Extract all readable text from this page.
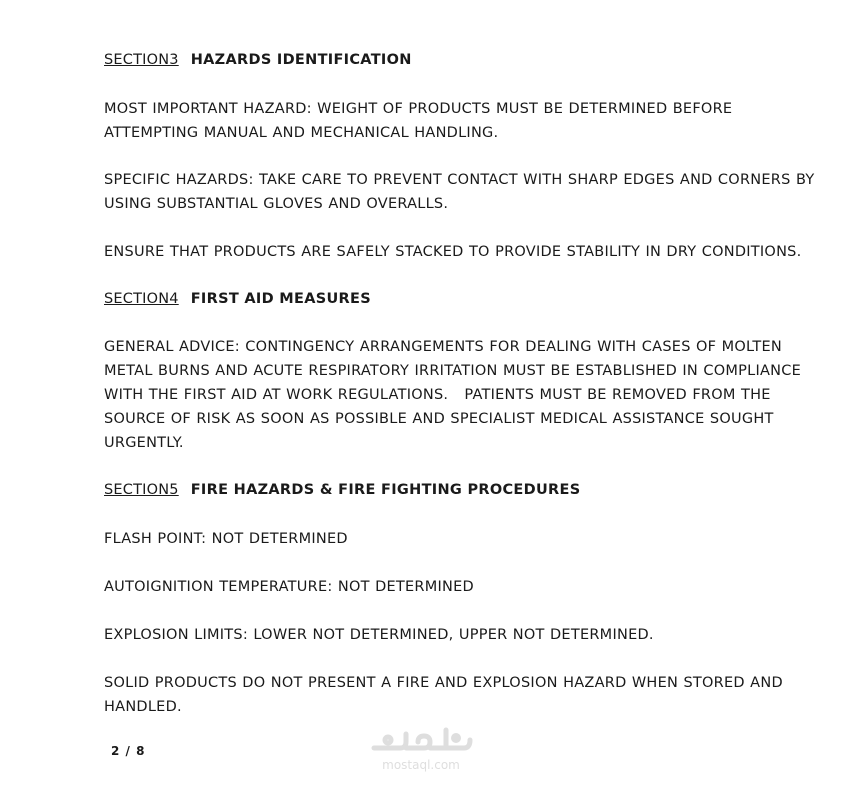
SECTION3 HAZARDS IDENTIFICATION

MOST IMPORTANT HAZARD: WEIGHT OF PRODUCTS MUST BE DETERMINED BEFORE ATTEMPTING MANUAL AND MECHANICAL HANDLING.

SPECIFIC HAZARDS: TAKE CARE TO PREVENT CONTACT WITH SHARP EDGES AND CORNERS BY USING SUBSTANTIAL GLOVES AND OVERALLS.

ENSURE THAT PRODUCTS ARE SAFELY STACKED TO PROVIDE STABILITY IN DRY CONDITIONS.

SECTION4 FIRST AID MEASURES

GENERAL ADVICE: CONTINGENCY ARRANGEMENTS FOR DEALING WITH CASES OF MOLTEN METAL BURNS AND ACUTE RESPIRATORY IRRITATION MUST BE ESTABLISHED IN COMPLIANCE WITH THE FIRST AID AT WORK REGULATIONS.   PATIENTS MUST BE REMOVED FROM THE SOURCE OF RISK AS SOON AS POSSIBLE AND SPECIALIST MEDICAL ASSISTANCE SOUGHT URGENTLY.

SECTION5 FIRE HAZARDS & FIRE FIGHTING PROCEDURES

FLASH POINT: NOT DETERMINED

AUTOIGNITION TEMPERATURE: NOT DETERMINED

EXPLOSION LIMITS: LOWER NOT DETERMINED, UPPER NOT DETERMINED.

SOLID PRODUCTS DO NOT PRESENT A FIRE AND EXPLOSION HAZARD WHEN STORED AND HANDLED.

2 / 8
mostaql.com
